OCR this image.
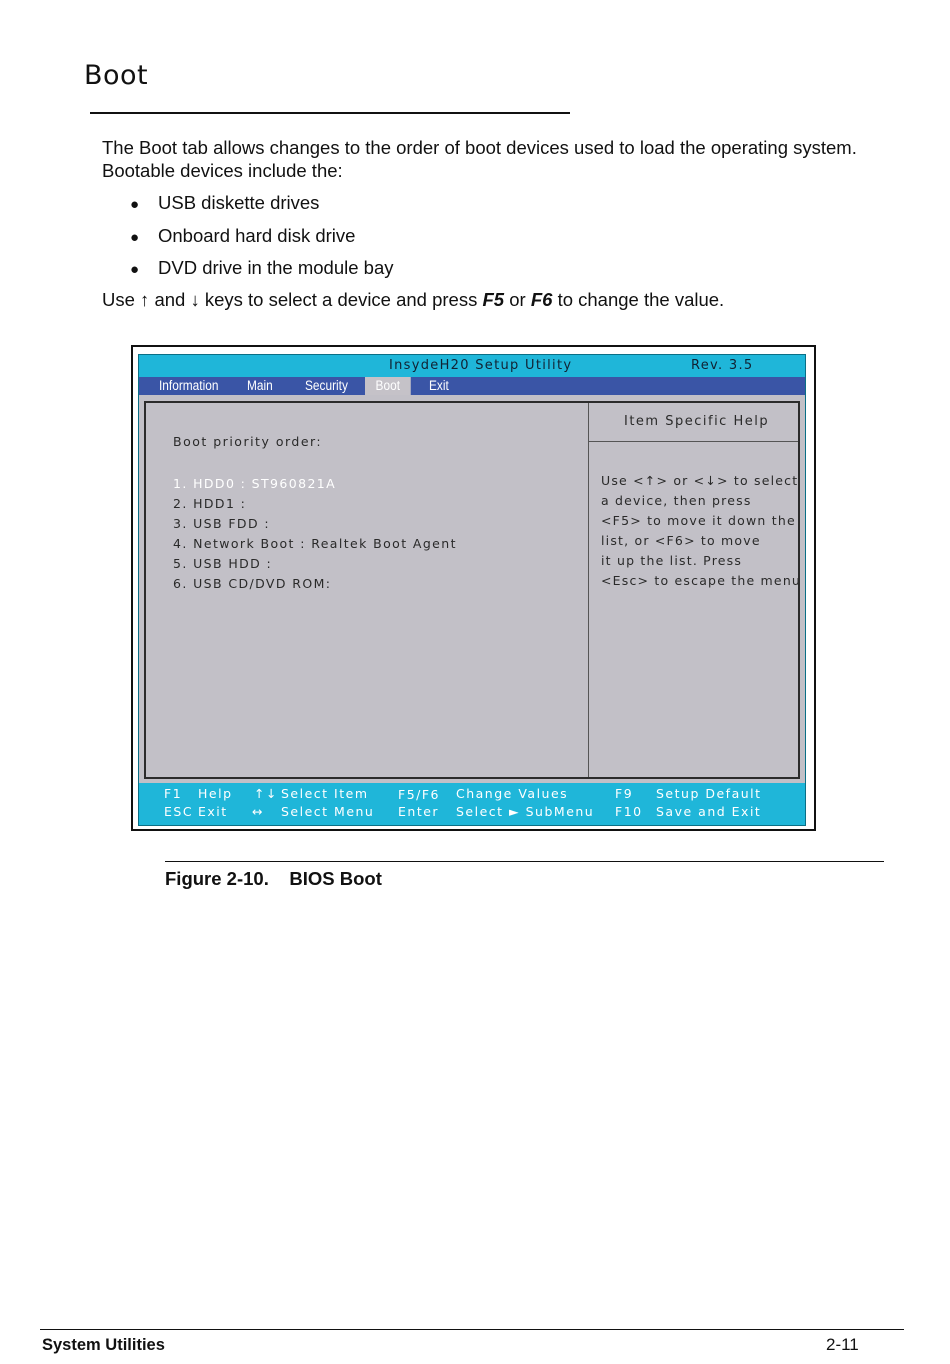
Boot

The Boot tab allows changes to the order of boot devices used to load the operating system. Bootable devices include the:

● USB diskette drives
● Onboard hard disk drive
● DVD drive in the module bay
Use ↑ and ↓ keys to select a device and press F5 or F6 to change the value.
InsydeH20 Setup Utility	Rev. 3.5
Information Main Security	Boot	Exit
Boot priority order:
1. HDD0 : ST960821A
2. HDD1 :
3. USB FDD :
4. Network Boot : Realtek Boot Agent
5. USB HDD :
6. USB CD/DVD ROM:
Item Specific Help
Use <↑> or <↓> to select
a device, then press
<F5> to move it down the
list, or <F6> to move
it up the list. Press
<Esc> to escape the menu
F1 Help ↑↓ Select Item F5/F6 Change Values	F9 Setup Default
ESC Exit ↔ Select Menu Enter Select ► SubMenu F10 Save and Exit
Figure 2-10.    BIOS Boot
System Utilities	2-11
